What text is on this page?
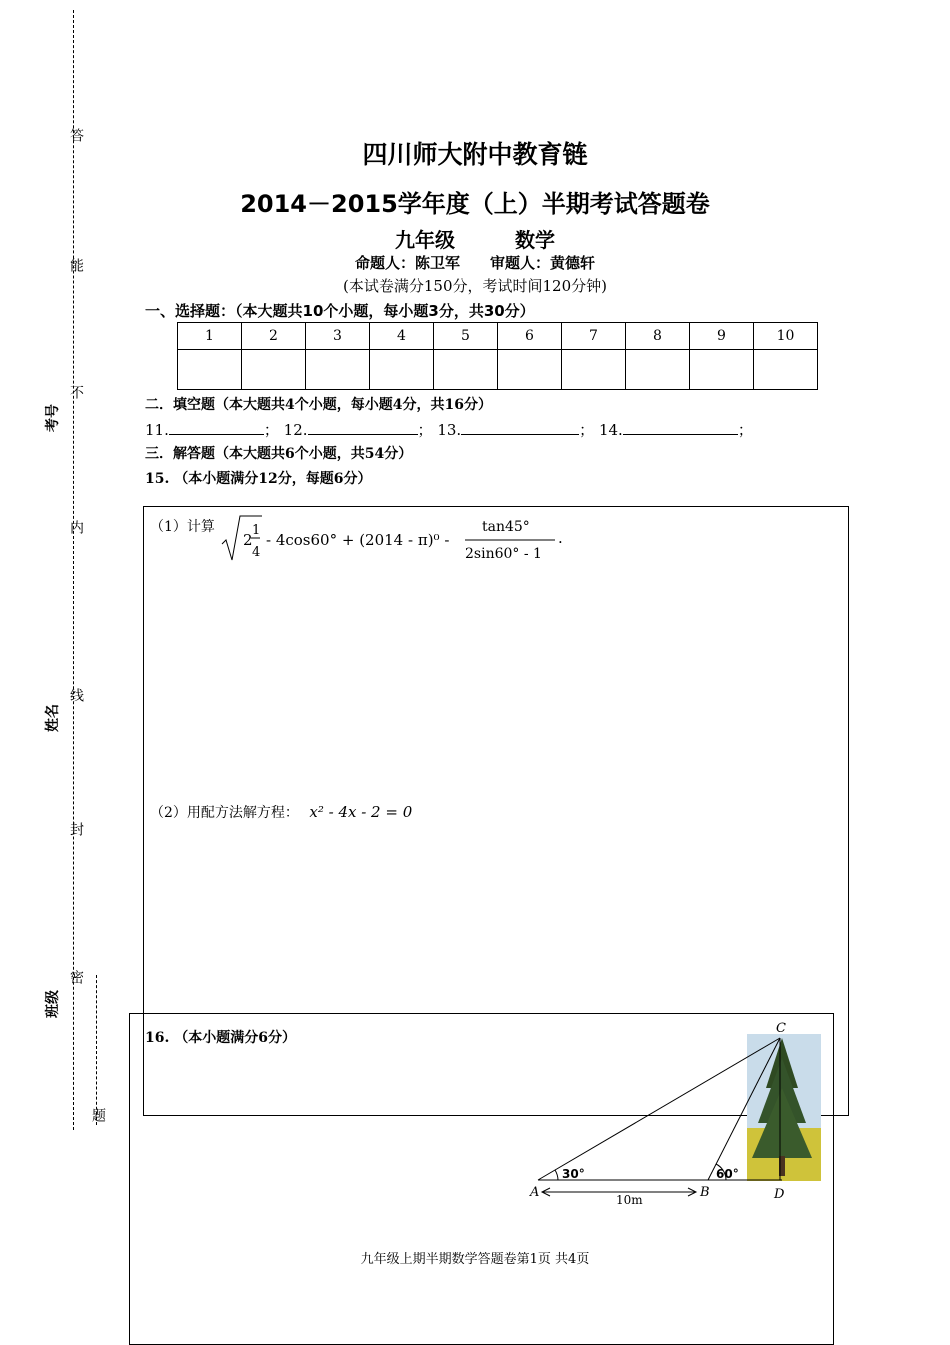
答
能
不
内
线
封
密
题
考号
姓名
班级
四川师大附中教育链
2014－2015学年度（上）半期考试答题卷
九年级	数学
命题人：陈卫军 审题人：黄德轩
(本试卷满分150分，考试时间120分钟)
一、选择题：（本大题共10个小题，每小题3分，共30分）
1	2	3	4	5	6	7	8	9	10

二．填空题（本大题共4个小题，每小题4分，共16分）
11.	； 12.	； 13.	； 14.	；
三．解答题（本大题共6个小题，共54分）
15. （本小题满分12分，每题6分）
（1）计算
2
1
4
- 4cos60° + (2014 - π)⁰ -
tan45°
2sin60° - 1
.
（2）用配方法解方程： x² - 4x - 2 = 0
16. （本小题满分6分）
C
A	B	D
30°	60°
10m
九年级上期半期数学答题卷第1页 共4页
